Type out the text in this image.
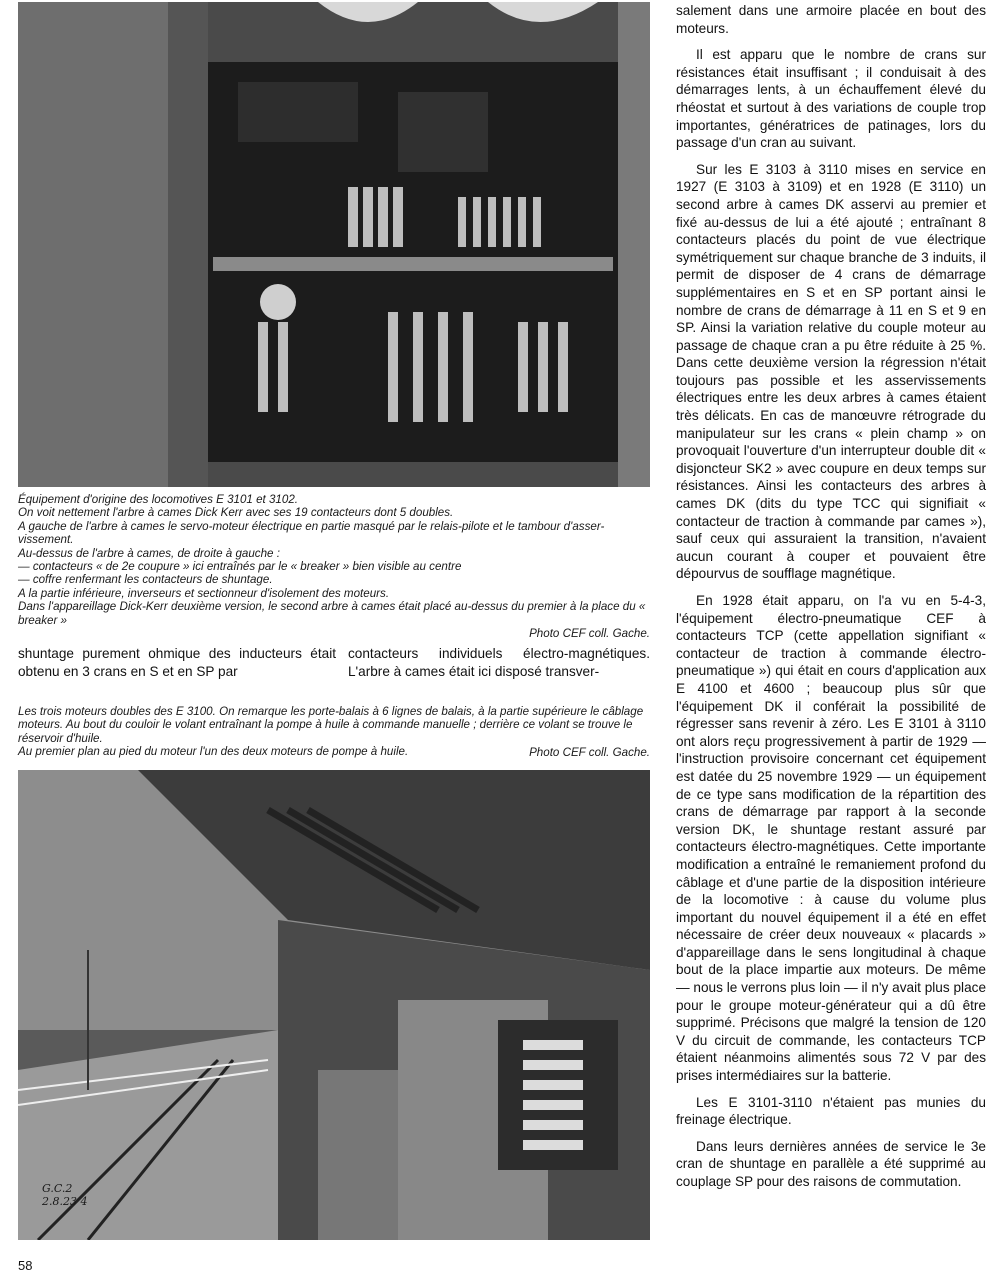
Équipement d'origine des locomotives E 3101 et 3102.

On voit nettement l'arbre à cames Dick Kerr avec ses 19 contacteurs dont 5 doubles.

A gauche de l'arbre à cames le servo-moteur électrique en partie masqué par le relais-pilote et le tambour d'asser-vissement.

Au-dessus de l'arbre à cames, de droite à gauche :

— contacteurs « de 2e coupure » ici entraînés par le « breaker » bien visible au centre

— coffre renfermant les contacteurs de shuntage.

A la partie inférieure, inverseurs et sectionneur d'isolement des moteurs.

Dans l'appareillage Dick-Kerr deuxième version, le second arbre à cames était placé au-dessus du premier à la place du « breaker »

Photo CEF coll. Gache.

shuntage purement ohmique des inducteurs était obtenu en 3 crans en S et en SP par

contacteurs individuels électro-magnétiques. L'arbre à cames était ici disposé transver-

Les trois moteurs doubles des E 3100. On remarque les porte-balais à 6 lignes de balais, à la partie supérieure le câblage moteurs. Au bout du couloir le volant entraînant la pompe à huile à commande manuelle ; derrière ce volant se trouve le réservoir d'huile.

Au premier plan au pied du moteur l'un des deux moteurs de pompe à huile.	Photo CEF coll. Gache.

G.C.2 2.8.23 4

salement dans une armoire placée en bout des moteurs.

Il est apparu que le nombre de crans sur résistances était insuffisant ; il conduisait à des démarrages lents, à un échauffement élevé du rhéostat et surtout à des variations de couple trop importantes, génératrices de patinages, lors du passage d'un cran au suivant.

Sur les E 3103 à 3110 mises en service en 1927 (E 3103 à 3109) et en 1928 (E 3110) un second arbre à cames DK asservi au premier et fixé au-dessus de lui a été ajouté ; entraînant 8 contacteurs placés du point de vue électrique symétriquement sur chaque branche de 3 induits, il permit de disposer de 4 crans de démarrage supplémentaires en S et en SP portant ainsi le nombre de crans de démarrage à 11 en S et 9 en SP. Ainsi la variation relative du couple moteur au passage de chaque cran a pu être réduite à 25 %. Dans cette deuxième version la régression n'était toujours pas possible et les asservissements électriques entre les deux arbres à cames étaient très délicats. En cas de manœuvre rétrograde du manipulateur sur les crans « plein champ » on provoquait l'ouverture d'un interrupteur double dit « disjoncteur SK2 » avec coupure en deux temps sur résistances. Ainsi les contacteurs des arbres à cames DK (dits du type TCC qui signifiait « contacteur de traction à commande par cames »), sauf ceux qui assuraient la transition, n'avaient aucun courant à couper et pouvaient être dépourvus de soufflage magnétique.

En 1928 était apparu, on l'a vu en 5-4-3, l'équipement électro-pneumatique CEF à contacteurs TCP (cette appellation signifiant « contacteur de traction à commande électro-pneumatique ») qui était en cours d'application aux E 4100 et 4600 ; beaucoup plus sûr que l'équipement DK il conférait la possibilité de régresser sans revenir à zéro. Les E 3101 à 3110 ont alors reçu progressivement à partir de 1929 — l'instruction provisoire concernant cet équipement est datée du 25 novembre 1929 — un équipement de ce type sans modification de la répartition des crans de démarrage par rapport à la seconde version DK, le shuntage restant assuré par contacteurs électro-magnétiques. Cette importante modification a entraîné le remaniement profond du câblage et d'une partie de la disposition intérieure de la locomotive : à cause du volume plus important du nouvel équipement il a été en effet nécessaire de créer deux nouveaux « placards » d'appareillage dans le sens longitudinal à chaque bout de la place impartie aux moteurs. De même — nous le verrons plus loin — il n'y avait plus place pour le groupe moteur-générateur qui a dû être supprimé. Précisons que malgré la tension de 120 V du circuit de commande, les contacteurs TCP étaient néanmoins alimentés sous 72 V par des prises intermédiaires sur la batterie.

Les E 3101-3110 n'étaient pas munies du freinage électrique.

Dans leurs dernières années de service le 3e cran de shuntage en parallèle a été supprimé au couplage SP pour des raisons de commutation.

58
